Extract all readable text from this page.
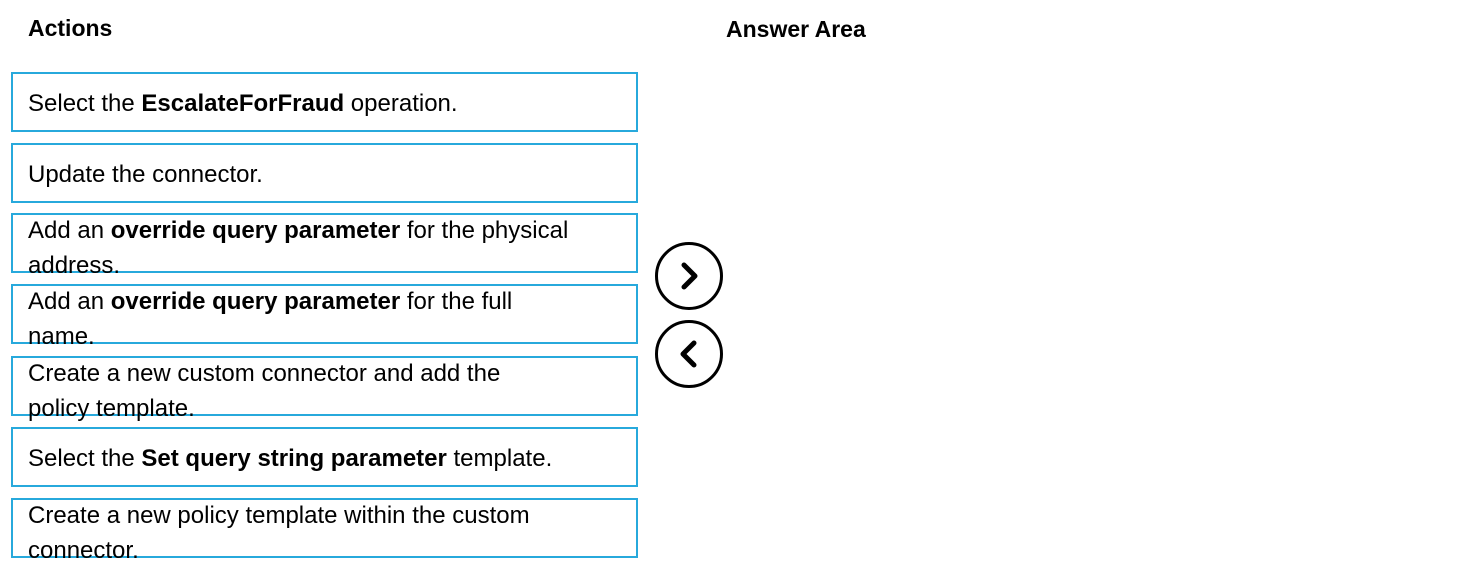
Actions	Answer Area
Select the EscalateForFraud operation.
Update the connector.
Add an override query parameter for the physical
address.
Add an override query parameter for the full
name.
Create a new custom connector and add the
policy template.
Select the Set query string parameter template.
Create a new policy template within the custom
connector.
